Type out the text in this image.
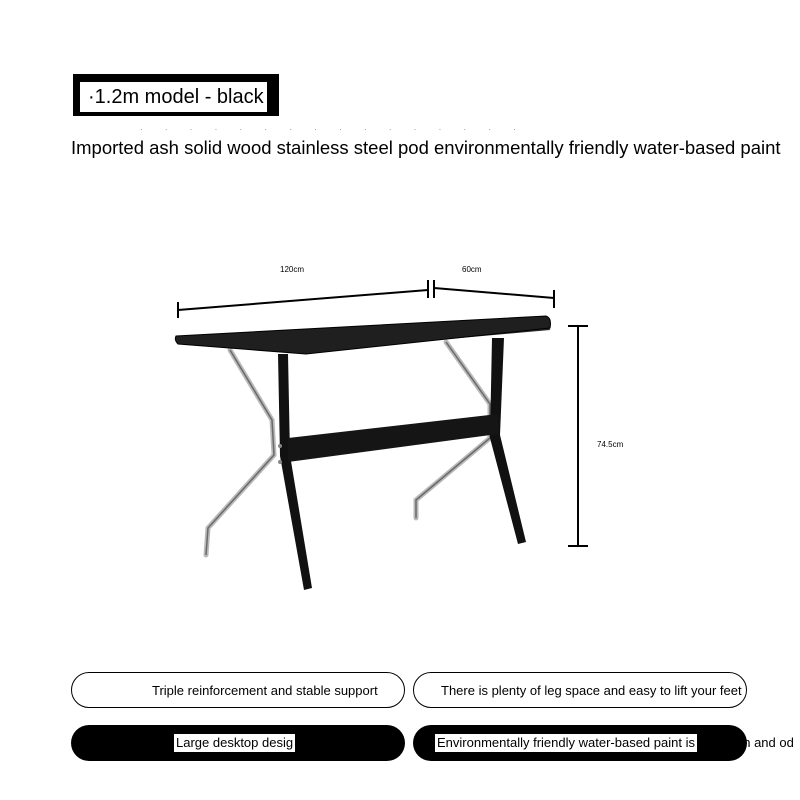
·1.2m model - black
· · · · · · · · · · · · · · · ·
Imported ash solid wood stainless steel pod environmentally friendly water-based paint
120cm	60cm
74.5cm
Triple reinforcement and stable support	There is plenty of leg space and easy to lift your feet
Large desktop desig	Environmentally friendly water-based paint is	an and od
